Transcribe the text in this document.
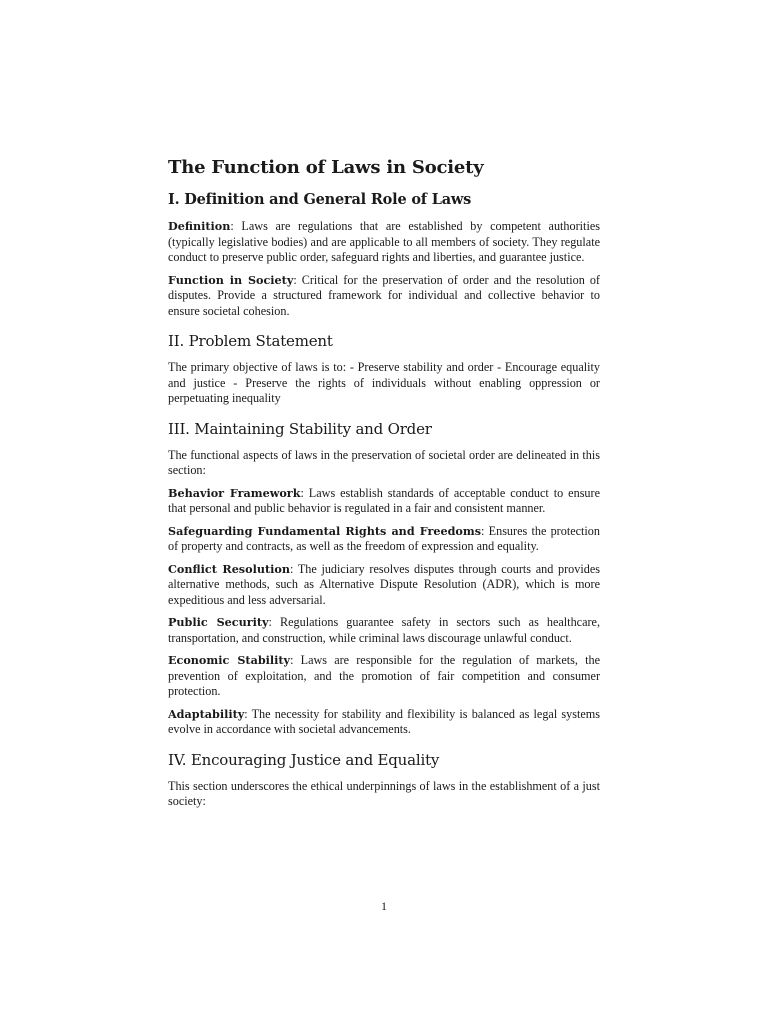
The Function of Laws in Society
I. Definition and General Role of Laws

Definition: Laws are regulations that are established by competent authorities (typically legislative bodies) and are applicable to all members of society. They regulate conduct to preserve public order, safeguard rights and liberties, and guarantee justice.

Function in Society: Critical for the preservation of order and the resolution of disputes. Provide a structured framework for individual and collective behavior to ensure societal cohesion.

II. Problem Statement

The primary objective of laws is to: - Preserve stability and order - Encourage equality and justice - Preserve the rights of individuals without enabling oppression or perpetuating inequality

III. Maintaining Stability and Order

The functional aspects of laws in the preservation of societal order are delineated in this section:

Behavior Framework: Laws establish standards of acceptable conduct to ensure that personal and public behavior is regulated in a fair and consistent manner.

Safeguarding Fundamental Rights and Freedoms: Ensures the protection of property and contracts, as well as the freedom of expression and equality.

Conflict Resolution: The judiciary resolves disputes through courts and provides alternative methods, such as Alternative Dispute Resolution (ADR), which is more expeditious and less adversarial.

Public Security: Regulations guarantee safety in sectors such as healthcare, transportation, and construction, while criminal laws discourage unlawful conduct.

Economic Stability: Laws are responsible for the regulation of markets, the prevention of exploitation, and the promotion of fair competition and consumer protection.

Adaptability: The necessity for stability and flexibility is balanced as legal systems evolve in accordance with societal advancements.

IV. Encouraging Justice and Equality

This section underscores the ethical underpinnings of laws in the establishment of a just society:

1
